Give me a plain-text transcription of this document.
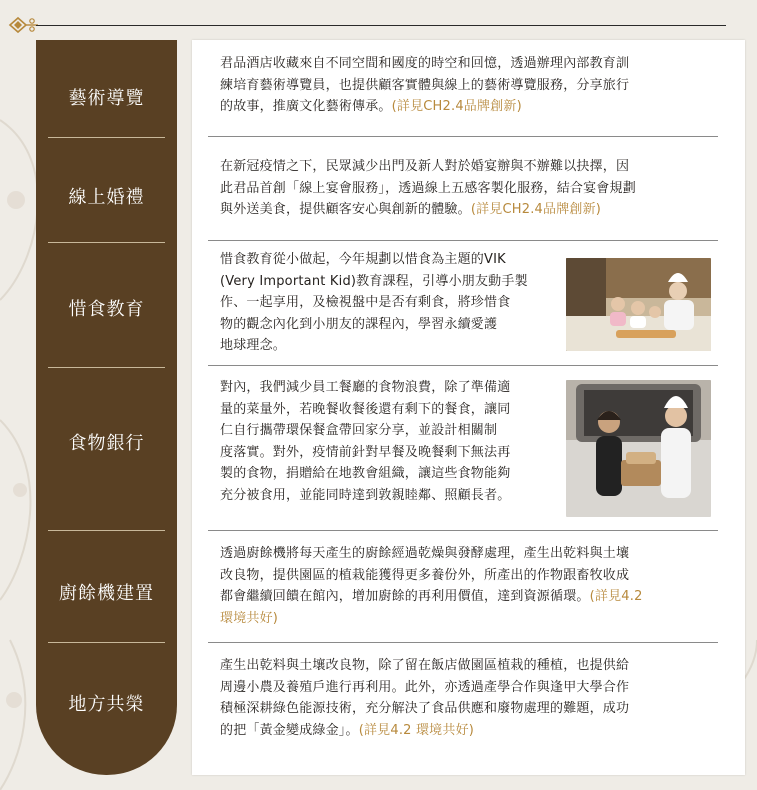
藝術導覽
線上婚禮
惜食教育
食物銀行
廚餘機建置
地方共榮
君品酒店收藏來自不同空間和國度的時空和回憶，透過辦理內部教育訓
練培育藝術導覽員，也提供顧客實體與線上的藝術導覽服務，分享旅行
的故事，推廣文化藝術傳承。(詳見CH2.4品牌創新)
在新冠疫情之下，民眾減少出門及新人對於婚宴辦與不辦難以抉擇，因
此君品首創「線上宴會服務」，透過線上五感客製化服務，結合宴會規劃
與外送美食，提供顧客安心與創新的體驗。(詳見CH2.4品牌創新)
惜食教育從小做起，今年規劃以惜食為主題的VIK
(Very Important Kid)教育課程，引導小朋友動手製
作、一起享用，及檢視盤中是否有剩食，將珍惜食
物的觀念內化到小朋友的課程內，學習永續愛護
地球理念。
對內，我們減少員工餐廳的食物浪費，除了準備適
量的菜量外，若晚餐收餐後還有剩下的餐食，讓同
仁自行攜帶環保餐盒帶回家分享，並設計相關制
度落實。對外，疫情前針對早餐及晚餐剩下無法再
製的食物，捐贈給在地教會組織，讓這些食物能夠
充分被食用，並能同時達到敦親睦鄰、照顧長者。
透過廚餘機將每天產生的廚餘經過乾燥與發酵處理，產生出乾料與土壤
改良物，提供園區的植栽能獲得更多養份外，所產出的作物跟畜牧收成
都會繼續回饋在館內，增加廚餘的再利用價值，達到資源循環。(詳見4.2
環境共好)
產生出乾料與土壤改良物，除了留在飯店做園區植栽的種植，也提供給
周邊小農及養殖戶進行再利用。此外，亦透過產學合作與逢甲大學合作
積極深耕綠色能源技術，充分解決了食品供應和廢物處理的難題，成功
的把「黃金變成綠金」。(詳見4.2 環境共好)
